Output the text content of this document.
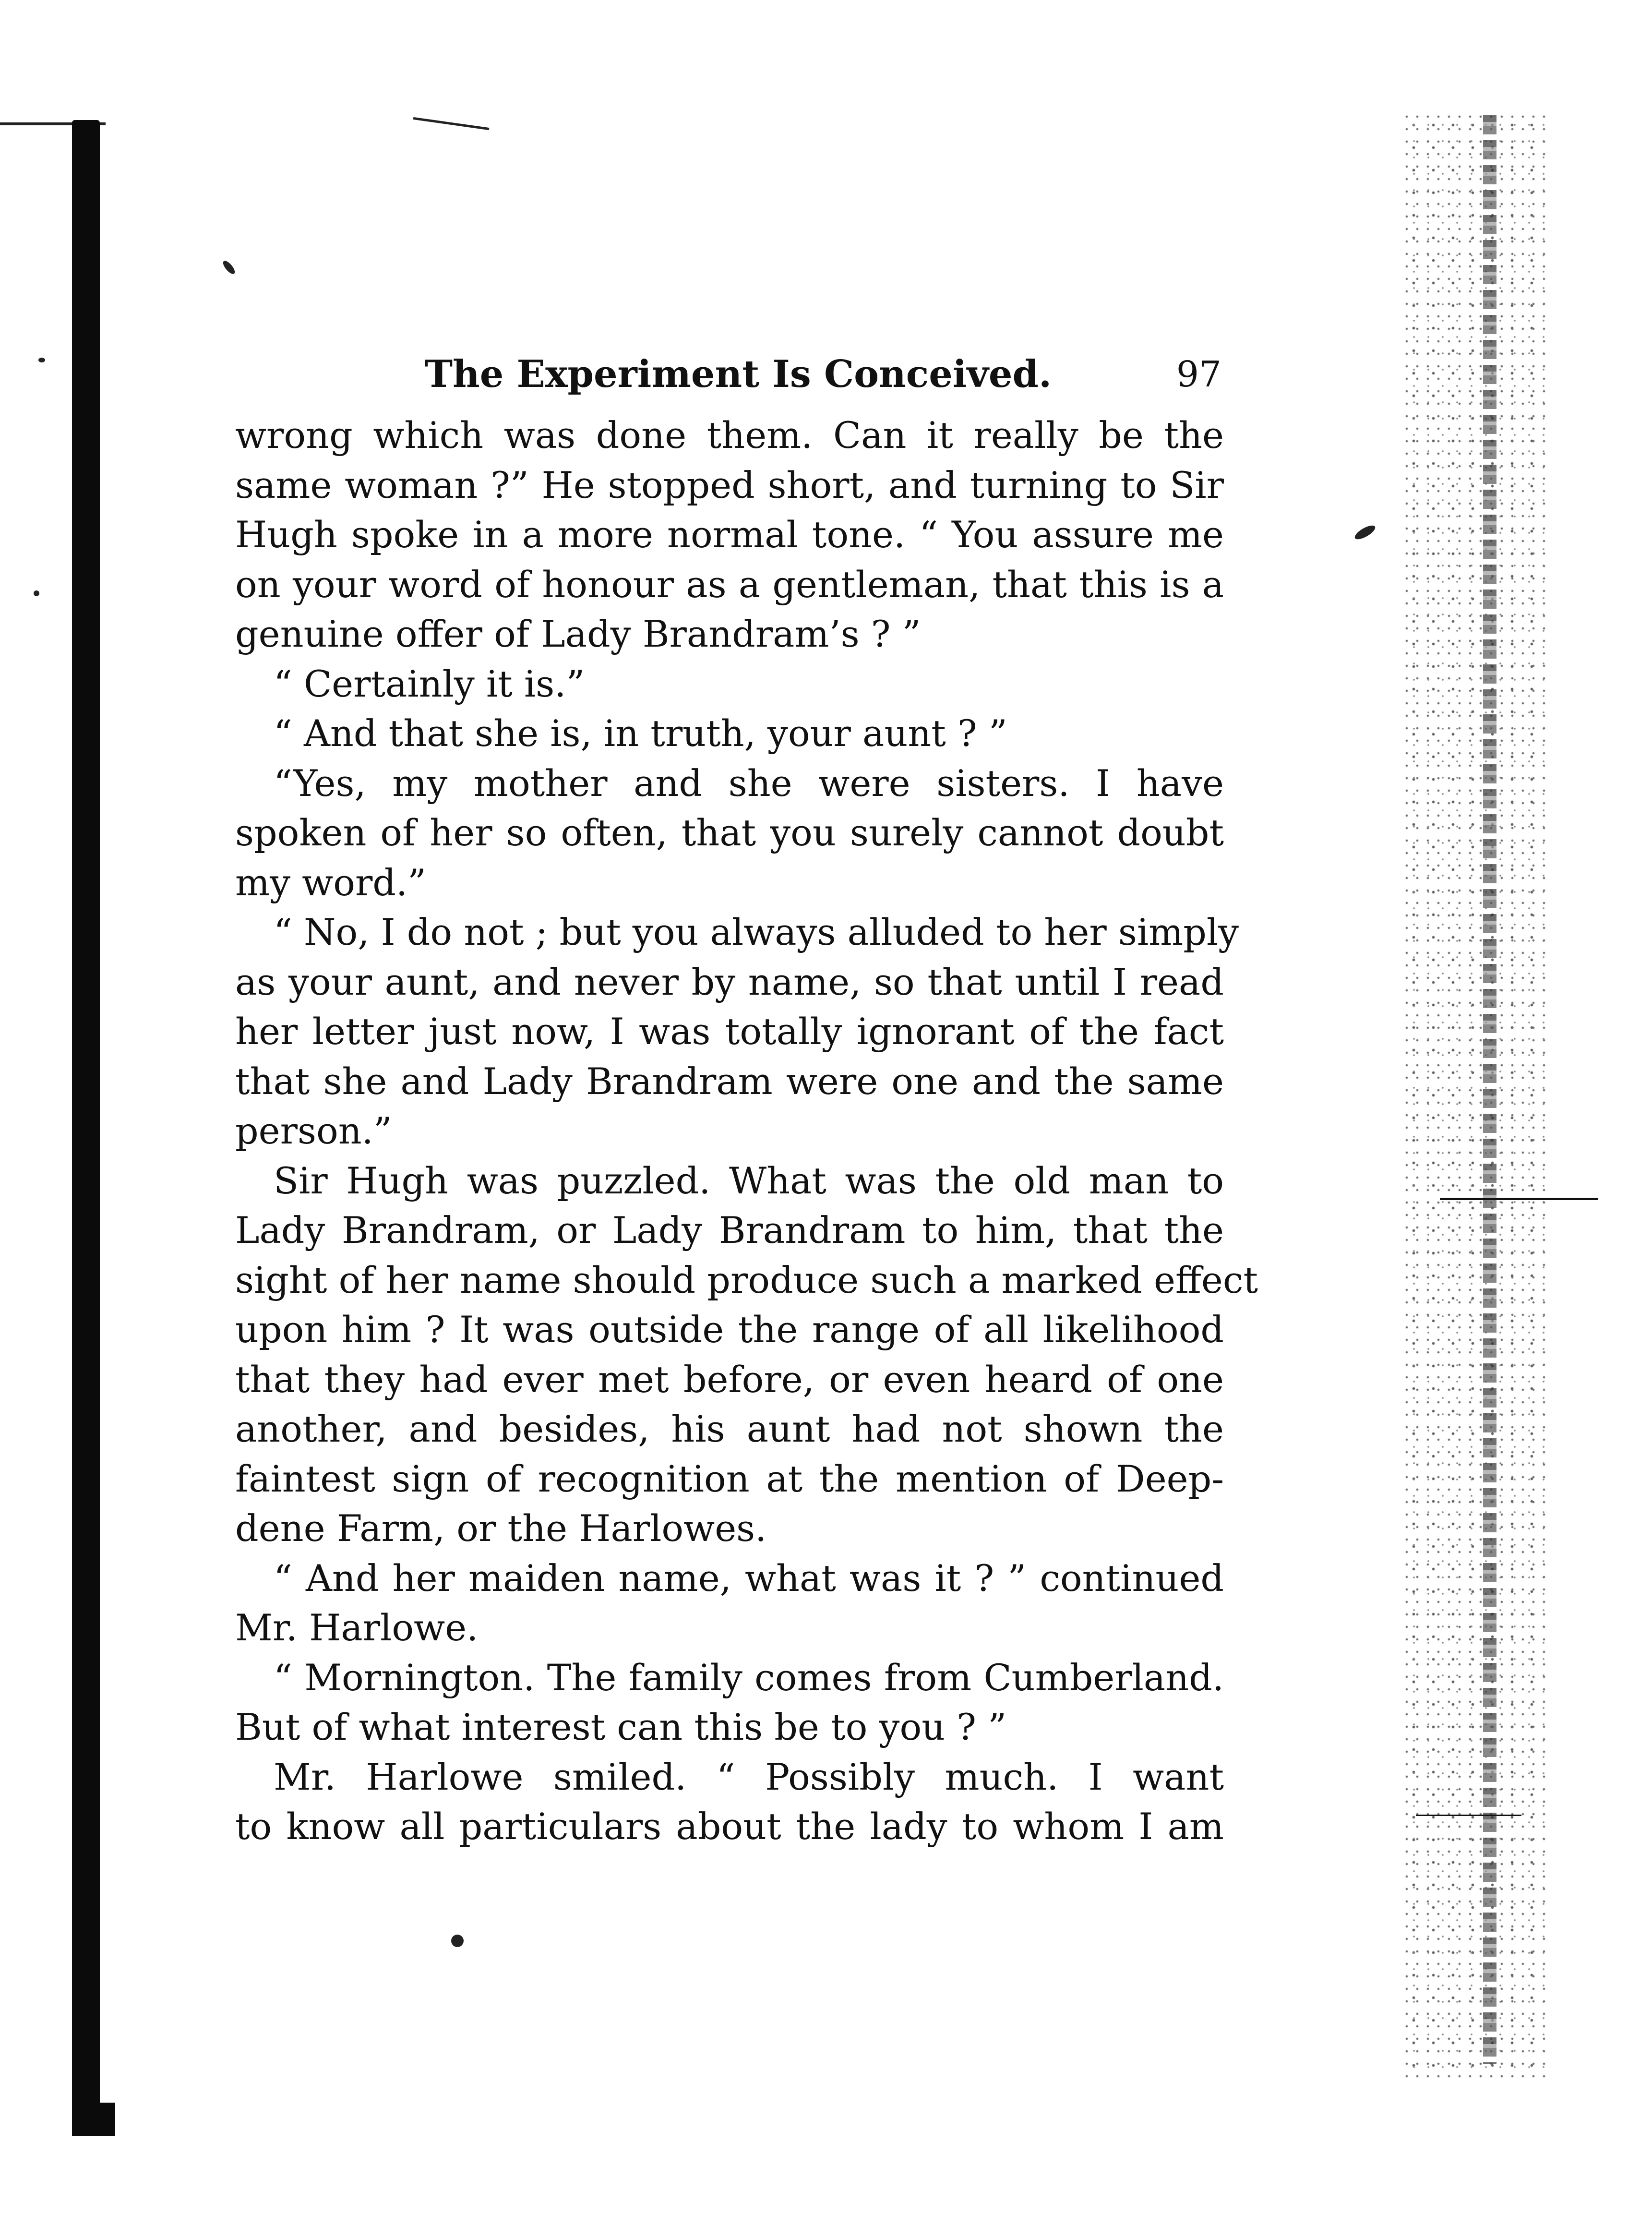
The Experiment Is Conceived.	97
wrong which was done them. Can it really be the
same woman ?” He stopped short, and turning to Sir
Hugh spoke in a more normal tone. “ You assure me
on your word of honour as a gentleman, that this is a
genuine offer of Lady Brandram’s ? ”
“ Certainly it is.”
“ And that she is, in truth, your aunt ? ”
“Yes, my mother and she were sisters. I have
spoken of her so often, that you surely cannot doubt
my word.”
“ No, I do not ; but you always alluded to her simply
as your aunt, and never by name, so that until I read
her letter just now, I was totally ignorant of the fact
that she and Lady Brandram were one and the same
person.”
Sir Hugh was puzzled. What was the old man to
Lady Brandram, or Lady Brandram to him, that the
sight of her name should produce such a marked effect
upon him ? It was outside the range of all likelihood
that they had ever met before, or even heard of one
another, and besides, his aunt had not shown the
faintest sign of recognition at the mention of Deep-
dene Farm, or the Harlowes.
“ And her maiden name, what was it ? ” continued
Mr. Harlowe.
“ Mornington. The family comes from Cumberland.
But of what interest can this be to you ? ”
Mr. Harlowe smiled. “ Possibly much. I want
to know all particulars about the lady to whom I am
